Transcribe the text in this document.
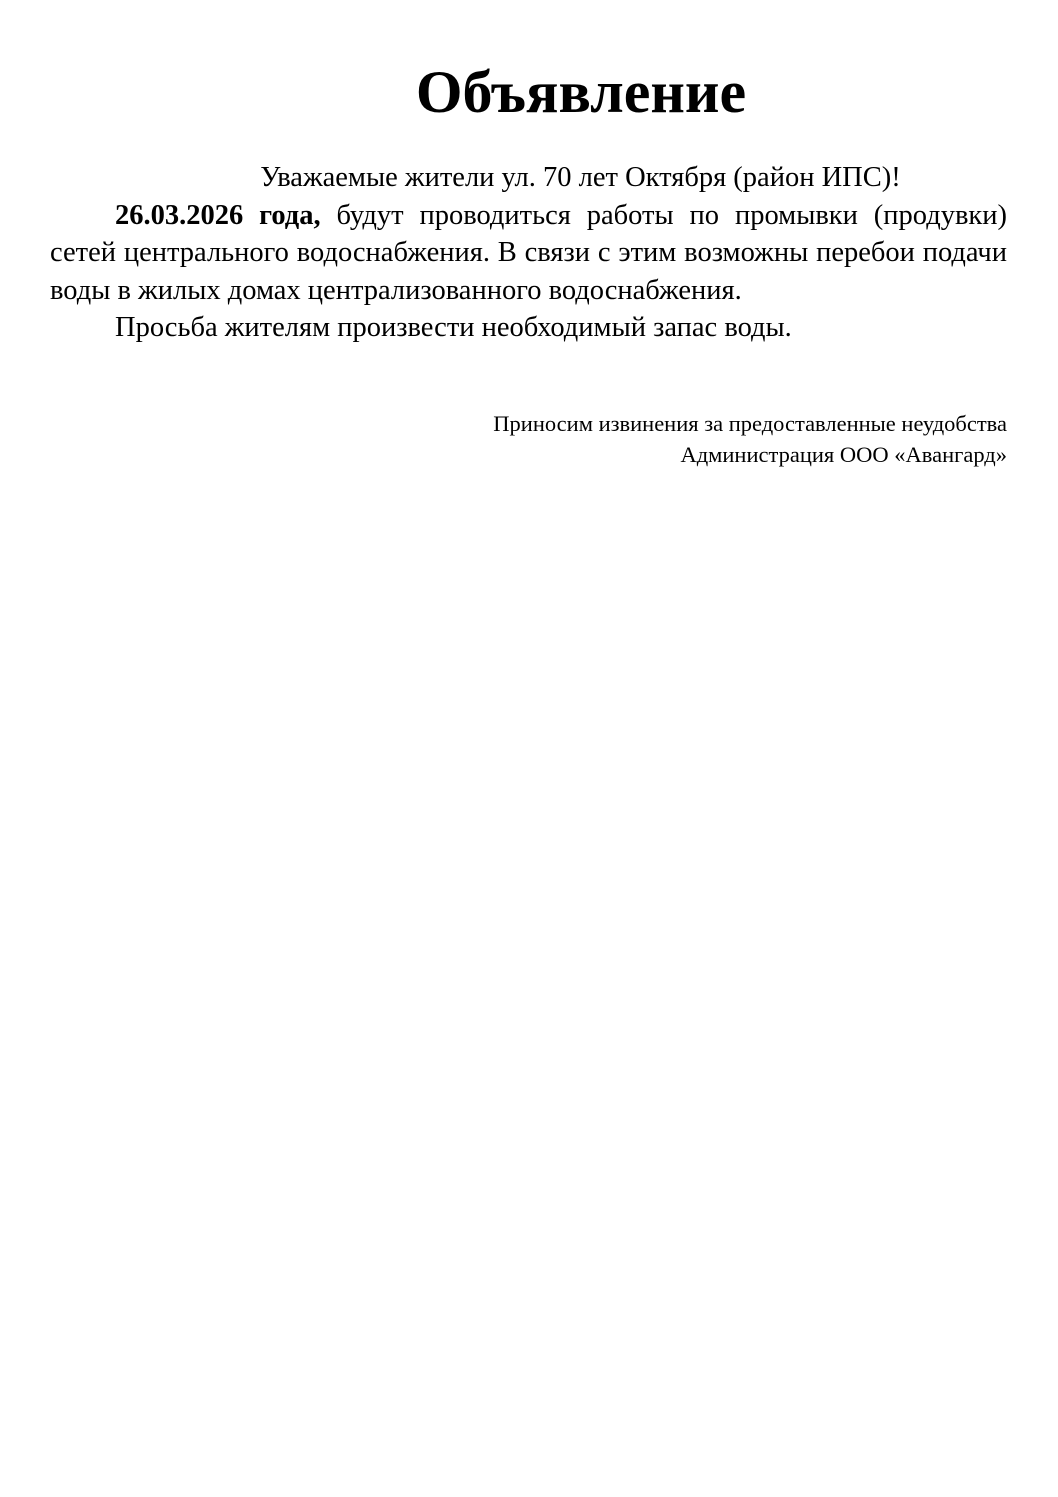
Объявление

Уважаемые жители ул. 70 лет Октября (район ИПС)!

26.03.2026 года, будут проводиться работы по промывки (продувки) сетей центрального водоснабжения. В связи с этим возможны перебои подачи воды в жилых домах централизованного водоснабжения.

Просьба жителям произвести необходимый запас воды.

Приносим извинения за предоставленные неудобства
Администрация ООО «Авангард»
